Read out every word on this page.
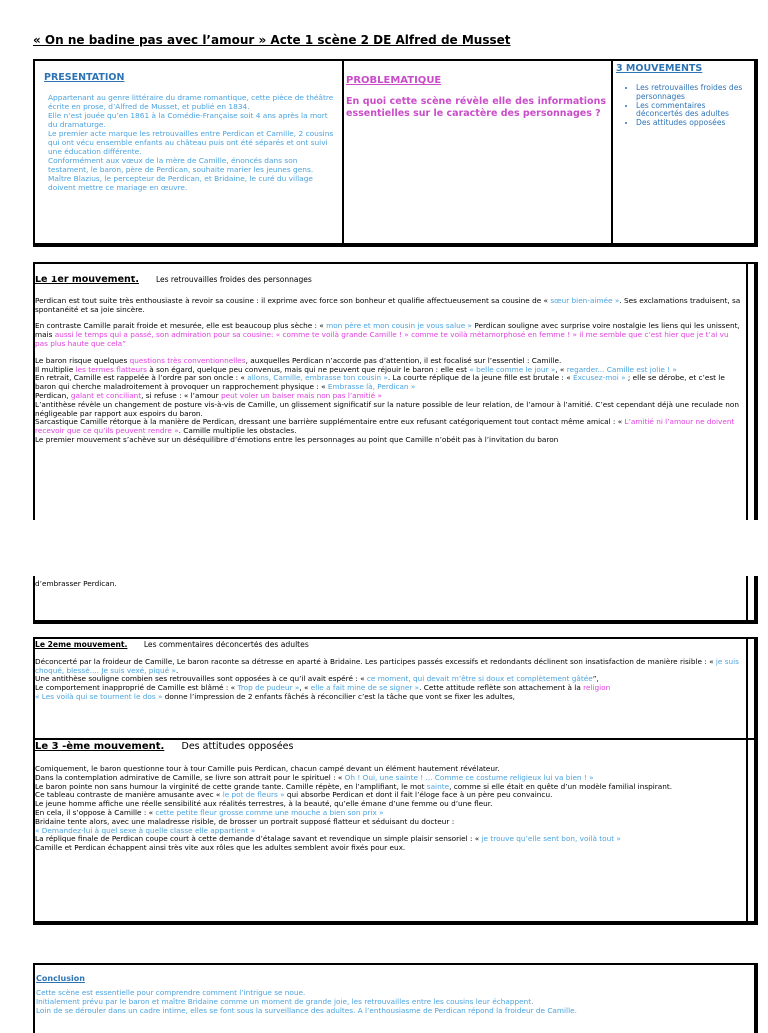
« On ne badine pas avec l’amour » Acte 1 scène 2 DE Alfred de Musset
PRESENTATION
Appartenant au genre littéraire du drame romantique, cette pièce de théâtre écrite en prose, d’Alfred de Musset, et publié en 1834.
Elle n’est jouée qu’en 1861 à la Comédie-Française soit 4 ans après la mort du dramaturge.
Le premier acte marque les retrouvailles entre Perdican et Camille, 2 cousins qui ont vécu ensemble enfants au château puis ont été séparés et ont suivi une éducation différente.
Conformément aux vœux de la mère de Camille, énoncés dans son testament, le baron, père de Perdican, souhaite marier les jeunes gens.
Maître Blazius, le percepteur de Perdican, et Bridaine, le curé du village doivent mettre ce mariage en œuvre.
PROBLEMATIQUE
En quoi cette scène révèle elle des informations essentielles sur le caractère des personnages ?
3 MOUVEMENTS
• Les retrouvailles froides des personnages
• Les commentaires déconcertés des adultes
• Des attitudes opposées

Le 1er mouvement. Les retrouvailles froides des personnages

Perdican est tout suite très enthousiaste à revoir sa cousine : il exprime avec force son bonheur et qualifie affectueusement sa cousine de « sœur bien-aimée ». Ses exclamations traduisent, sa spontanéité et sa joie sincère.

En contraste Camille parait froide et mesurée, elle est beaucoup plus sèche : « mon père et mon cousin je vous salue » Perdican souligne avec surprise voire nostalgie les liens qui les unissent, mais aussi le temps qui a passé, son admiration pour sa cousine: « comme te voilà grande Camille ! » comme te voilà métamorphosé en femme ! » il me semble que c’est hier que je t’ai vu pas plus haute que cela”

Le baron risque quelques questions très conventionnelles, auxquelles Perdican n’accorde pas d’attention, il est focalisé sur l’essentiel : Camille.

Il multiplie les termes flatteurs à son égard, quelque peu convenus, mais qui ne peuvent que réjouir le baron : elle est « belle comme le jour », « regarder... Camille est jolie ! »

En retrait, Camille est rappelée à l’ordre par son oncle : « allons, Camille, embrasse ton cousin ». La courte réplique de la jeune fille est brutale : « Excusez-moi » ; elle se dérobe, et c’est le baron qui cherche maladroitement à provoquer un rapprochement physique : « Embrasse là, Perdican »

Perdican, galant et conciliant, si refuse : « l’amour peut voler un baiser mais non pas l’amitié »

L’antithèse révèle un changement de posture vis-à-vis de Camille, un glissement significatif sur la nature possible de leur relation, de l’amour à l’amitié. C’est cependant déjà une reculade non négligeable par rapport aux espoirs du baron.

Sarcastique Camille rétorque à la manière de Perdican, dressant une barrière supplémentaire entre eux refusant catégoriquement tout contact même amical : « L’amitié ni l’amour ne doivent recevoir que ce qu’ils peuvent rendre ». Camille multiplie les obstacles.

Le premier mouvement s’achève sur un déséquilibre d’émotions entre les personnages au point que Camille n’obéit pas à l’invitation du baron

d’embrasser Perdican.

Le 2eme mouvement. Les commentaires déconcertés des adultes

Déconcerté par la froideur de Camille, Le baron raconte sa détresse en aparté à Bridaine. Les participes passés excessifs et redondants déclinent son insatisfaction de manière risible : « je suis choqué, blessé.... Je suis vexé, piqué ».

Une antithèse souligne combien ses retrouvailles sont opposées à ce qu’il avait espéré : « ce moment, qui devait m’être si doux et complètement gâtée”,

Le comportement inapproprié de Camille est blâmé : « Trop de pudeur », « elle a fait mine de se signer ». Cette attitude reflète son attachement à la religion

« Les voilà qui se tournent le dos » donne l’impression de 2 enfants fâchés à réconcilier c’est la tâche que vont se fixer les adultes,

Le 3 -ème mouvement. Des attitudes opposées

Comiquement, le baron questionne tour à tour Camille puis Perdican, chacun campé devant un élément hautement révélateur.

Dans la contemplation admirative de Camille, se livre son attrait pour le spirituel : « Oh ! Oui, une sainte ! ... Comme ce costume religieux lui va bien ! »

Le baron pointe non sans humour la virginité de cette grande tante. Camille répète, en l’amplifiant, le mot sainte, comme si elle était en quête d’un modèle familial inspirant.

Ce tableau contraste de manière amusante avec « le pot de fleurs » qui absorbe Perdican et dont il fait l’éloge face à un père peu convaincu.

Le jeune homme affiche une réelle sensibilité aux réalités terrestres, à la beauté, qu’elle émane d’une femme ou d’une fleur.

En cela, il s’oppose à Camille : « cette petite fleur grosse comme une mouche a bien son prix »

Bridaine tente alors, avec une maladresse risible, de brosser un portrait supposé flatteur et séduisant du docteur :

« Demandez-lui à quel sexe à quelle classe elle appartient »

La réplique finale de Perdican coupe court à cette demande d’étalage savant et revendique un simple plaisir sensoriel : « je trouve qu’elle sent bon, voilà tout »

Camille et Perdican échappent ainsi très vite aux rôles que les adultes semblent avoir fixés pour eux.

Conclusion

Cette scène est essentielle pour comprendre comment l’intrigue se noue.

Initialement prévu par le baron et maître Bridaine comme un moment de grande joie, les retrouvailles entre les cousins leur échappent.

Loin de se dérouler dans un cadre intime, elles se font sous la surveillance des adultes. A l’enthousiasme de Perdican répond la froideur de Camille.
